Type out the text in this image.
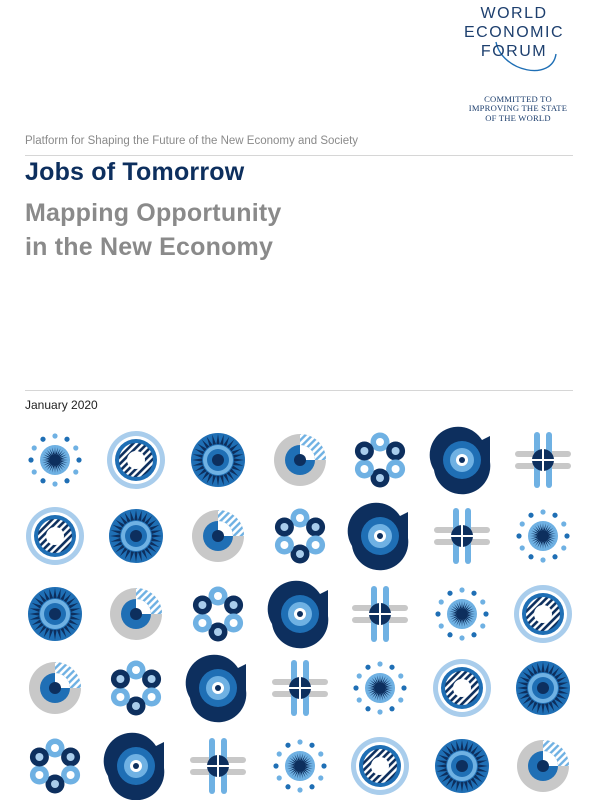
WORLD
ECONOMIC
FORUM
COMMITTED TO
IMPROVING THE STATE
OF THE WORLD
Platform for Shaping the Future of the New Economy and Society
Jobs of Tomorrow
Mapping Opportunity
in the New Economy
January 2020
